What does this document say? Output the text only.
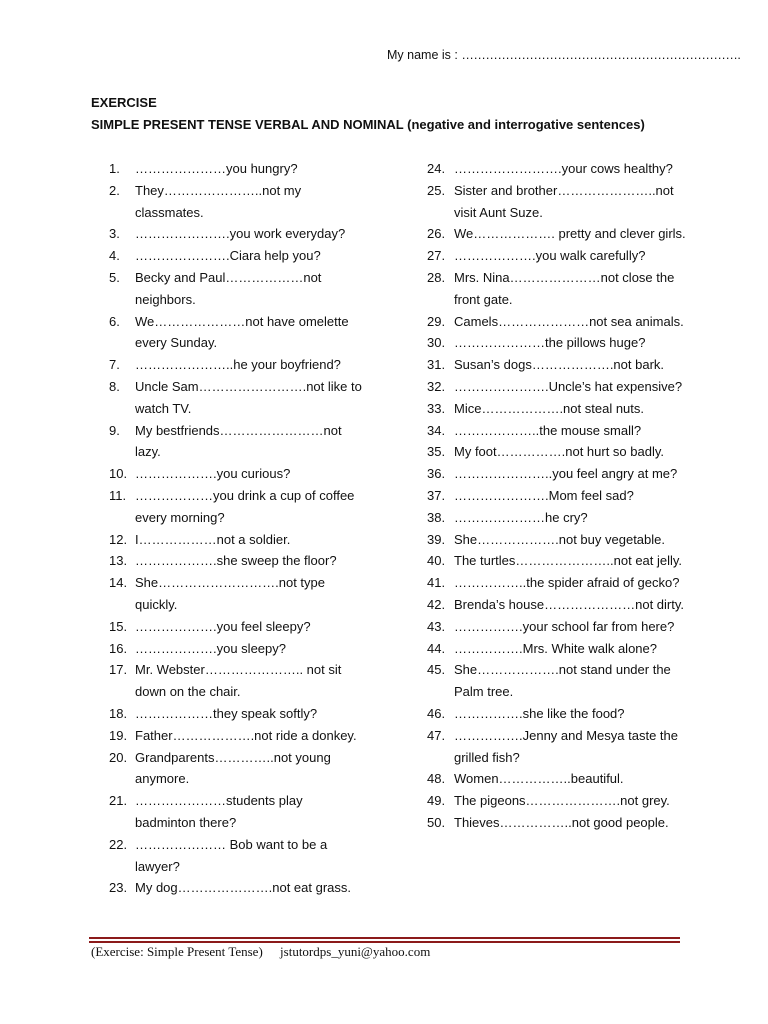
My name is : …………………………………………………………….
EXERCISE
SIMPLE PRESENT TENSE VERBAL AND NOMINAL (negative and interrogative sentences)
1. …………………you hungry?
2. They…………………..not my classmates.
3. ………………….you work everyday?
4. ………………….Ciara help you?
5. Becky and Paul………………not neighbors.
6. We…………………not have omelette every Sunday.
7. …………………..he your boyfriend?
8. Uncle Sam…………………….not like to watch TV.
9. My bestfriends……………………not lazy.
10. ……………….you curious?
11. ………………you drink a cup of coffee every morning?
12. I………………not a soldier.
13. ……………….she sweep the floor?
14. She……………………….not type quickly.
15. ……………….you feel sleepy?
16. ……………….you sleepy?
17. Mr. Webster………………….. not sit down on the chair.
18. ………………they speak softly?
19. Father……………….not ride a donkey.
20. Grandparents…………..not young anymore.
21. …………………students play badminton there?
22. ………………… Bob want to be a lawyer?
23. My dog………………….not eat grass.
24. …………………….your cows healthy?
25. Sister and brother…………………..not visit Aunt Suze.
26. We………………. pretty and clever girls.
27. ……………….you walk carefully?
28. Mrs. Nina…………………not close the front gate.
29. Camels…………………not sea animals.
30. …………………the pillows huge?
31. Susan’s dogs……………….not bark.
32. ………………….Uncle’s hat expensive?
33. Mice……………….not steal nuts.
34. ………………..the mouse small?
35. My foot…………….not hurt so badly.
36. …………………..you feel angry at me?
37. ………………….Mom feel sad?
38. …………………he cry?
39. She……………….not buy vegetable.
40. The turtles…………………..not eat jelly.
41. ……………..the spider afraid of gecko?
42. Brenda’s house…………………not dirty.
43. …………….your school far from here?
44. …………….Mrs. White walk alone?
45. She……………….not stand under the Palm tree.
46. …………….she like the food?
47. …………….Jenny and Mesya taste the grilled fish?
48. Women……………..beautiful.
49. The pigeons………………….not grey.
50. Thieves……………..not good people.
(Exercise: Simple Present Tense) jstutordps_yuni@yahoo.com
